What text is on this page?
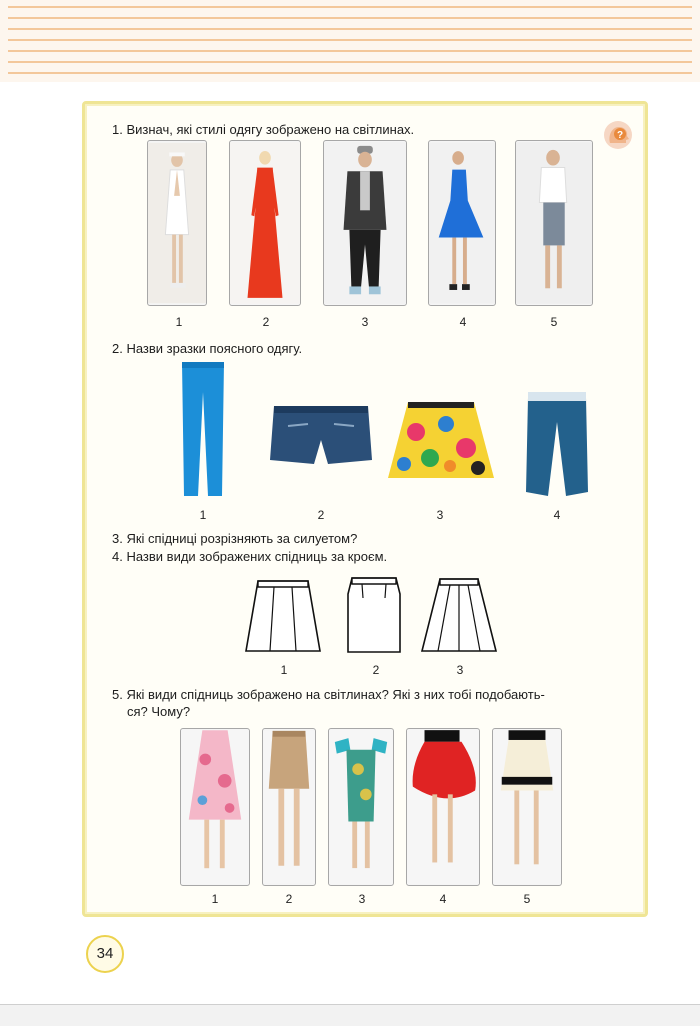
?
1. Визнач, які стилі одягу зображено на світлинах.
1	2	3	4	5
2. Назви зразки поясного одягу.
1	2	3	4
3. Які спідниці розрізняють за силуетом?
4. Назви види зображених спідниць за кроєм.
1	2	3
5. Які види спідниць зображено на світлинах? Які з них тобі подобають-
ся? Чому?
1	2	3	4	5
34
